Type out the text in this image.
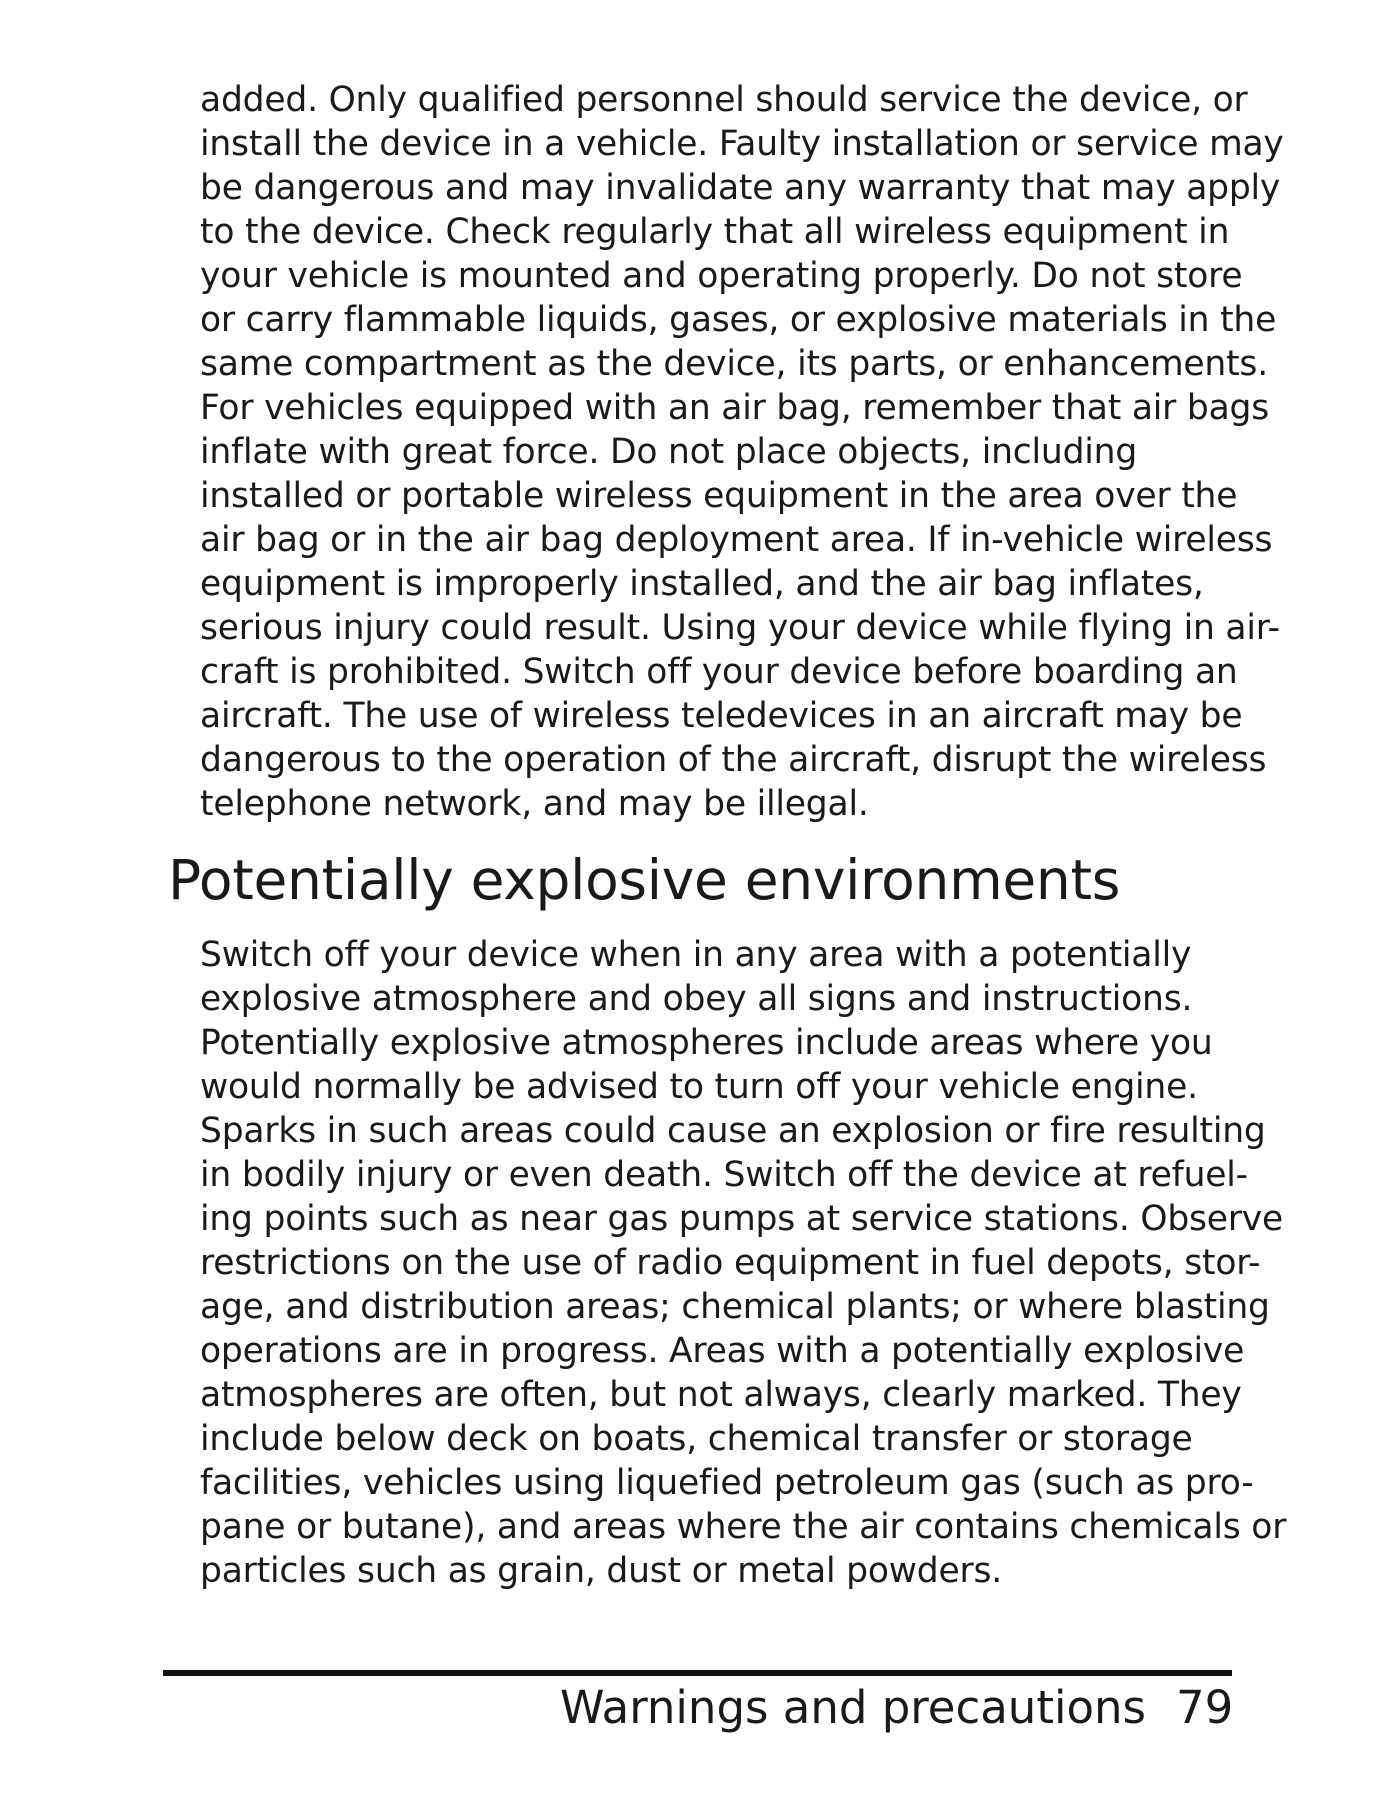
added. Only qualified personnel should service the device, or
install the device in a vehicle. Faulty installation or service may
be dangerous and may invalidate any warranty that may apply
to the device. Check regularly that all wireless equipment in
your vehicle is mounted and operating properly. Do not store
or carry flammable liquids, gases, or explosive materials in the
same compartment as the device, its parts, or enhancements.
For vehicles equipped with an air bag, remember that air bags
inflate with great force. Do not place objects, including
installed or portable wireless equipment in the area over the
air bag or in the air bag deployment area. If in-vehicle wireless
equipment is improperly installed, and the air bag inflates,
serious injury could result. Using your device while flying in air-
craft is prohibited. Switch off your device before boarding an
aircraft. The use of wireless teledevices in an aircraft may be
dangerous to the operation of the aircraft, disrupt the wireless
telephone network, and may be illegal.
Potentially explosive environments
Switch off your device when in any area with a potentially
explosive atmosphere and obey all signs and instructions.
Potentially explosive atmospheres include areas where you
would normally be advised to turn off your vehicle engine.
Sparks in such areas could cause an explosion or fire resulting
in bodily injury or even death. Switch off the device at refuel-
ing points such as near gas pumps at service stations. Observe
restrictions on the use of radio equipment in fuel depots, stor-
age, and distribution areas; chemical plants; or where blasting
operations are in progress. Areas with a potentially explosive
atmospheres are often, but not always, clearly marked. They
include below deck on boats, chemical transfer or storage
facilities, vehicles using liquefied petroleum gas (such as pro-
pane or butane), and areas where the air contains chemicals or
particles such as grain, dust or metal powders.
Warnings and precautions 79
